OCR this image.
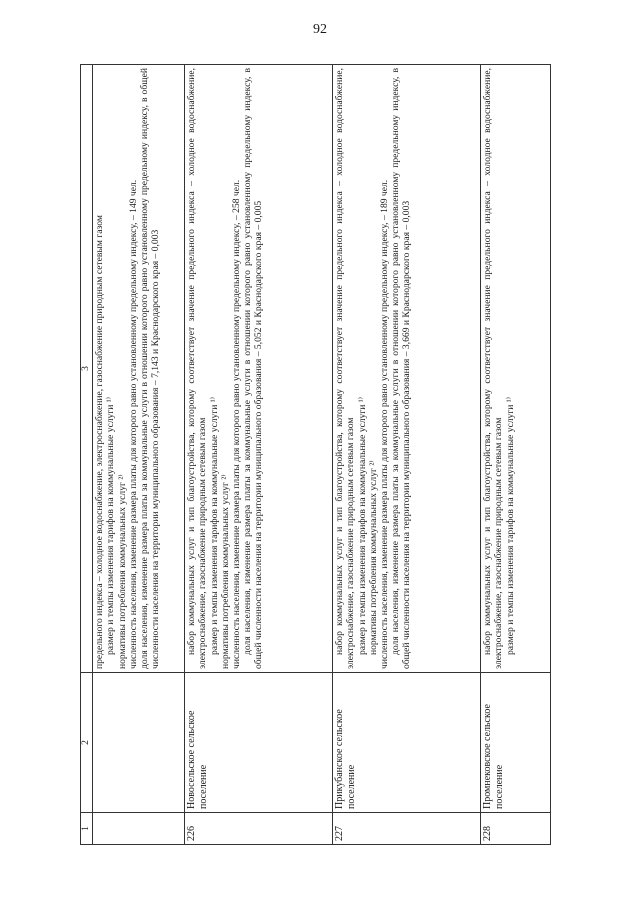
92
1	2	3

		предельного индекса – холодное водоснабжение, электроснабжение, газоснабжение природным сетевым газом размер и темпы изменения тарифов на коммунальные услуги ¹⁾ нормативы потребления коммунальных услуг ²⁾ численность населения, изменение размера платы для которого равно установленному предельному индексу, – 149 чел. доля населения, изменение размера платы за коммунальные услуги в отношении которого равно установленному предельному индексу, в общей численности населения на территории муниципального образования – 7,143 и Краснодарского края – 0,003

226	Новосельское сельское поселение	набор коммунальных услуг и тип благоустройства, которому соответствует значение предельного индекса – холодное водоснабжение, электроснабжение, газоснабжение природным сетевым газом размер и темпы изменения тарифов на коммунальные услуги ¹⁾ нормативы потребления коммунальных услуг ²⁾ численность населения, изменение размера платы для которого равно установленному предельному индексу, – 258 чел. доля населения, изменение размера платы за коммунальные услуги в отношении которого равно установленному предельному индексу, в общей численности населения на территории муниципального образования – 5,052 и Краснодарского края – 0,005

227	Прикубанское сельское поселение	набор коммунальных услуг и тип благоустройства, которому соответствует значение предельного индекса – холодное водоснабжение, электроснабжение, газоснабжение природным сетевым газом размер и темпы изменения тарифов на коммунальные услуги ¹⁾ нормативы потребления коммунальных услуг ²⁾ численность населения, изменение размера платы для которого равно установленному предельному индексу, – 189 чел. доля населения, изменение размера платы за коммунальные услуги в отношении которого равно установленному предельному индексу, в общей численности населения на территории муниципального образования – 3,669 и Краснодарского края – 0,003

228	Промнековское сельское поселение	набор коммунальных услуг и тип благоустройства, которому соответствует значение предельного индекса – холодное водоснабжение, электроснабжение, газоснабжение природным сетевым газом размер и темпы изменения тарифов на коммунальные услуги ¹⁾
